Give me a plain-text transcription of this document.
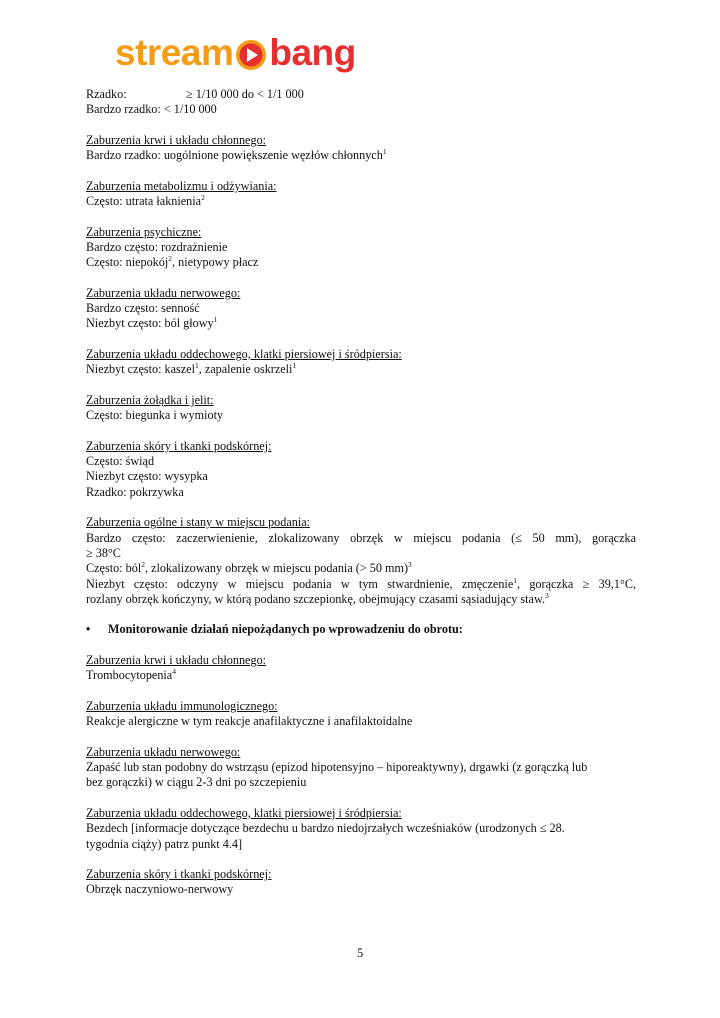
stream bang
Rzadko:	≥ 1/10 000 do < 1/1 000
Bardzo rzadko: < 1/10 000
Zaburzenia krwi i układu chłonnego:
Bardzo rzadko: uogólnione powiększenie węzłów chłonnych$^1$
Zaburzenia metabolizmu i odżywiania:
Często: utrata łaknienia$^2$
Zaburzenia psychiczne:
Bardzo często: rozdrażnienie
Często: niepokój$^2$, nietypowy płacz
Zaburzenia układu nerwowego:
Bardzo często: senność
Niezbyt często: ból głowy$^1$
Zaburzenia układu oddechowego, klatki piersiowej i śródpiersia:
Niezbyt często: kaszel$^1$, zapalenie oskrzeli$^1$
Zaburzenia żołądka i jelit:
Często: biegunka i wymioty
Zaburzenia skóry i tkanki podskórnej:
Często: świąd
Niezbyt często: wysypka
Rzadko: pokrzywka
Zaburzenia ogólne i stany w miejscu podania:
Bardzo często: zaczerwienienie, zlokalizowany obrzęk w miejscu podania (≤ 50 mm), gorączka
≥ 38°C
Często: ból$^2$, zlokalizowany obrzęk w miejscu podania (> 50 mm)$^3$
Niezbyt często: odczyny w miejscu podania w tym stwardnienie, zmęczenie$^1$, gorączka ≥ 39,1°C,
rozlany obrzęk kończyny, w którą podano szczepionkę, obejmujący czasami sąsiadujący staw.$^3$
• Monitorowanie działań niepożądanych po wprowadzeniu do obrotu:
Zaburzenia krwi i układu chłonnego:
Trombocytopenia$^4$
Zaburzenia układu immunologicznego:
Reakcje alergiczne w tym reakcje anafilaktyczne i anafilaktoidalne
Zaburzenia układu nerwowego:
Zapaść lub stan podobny do wstrząsu (epizod hipotensyjno – hiporeaktywny), drgawki (z gorączką lub
bez gorączki) w ciągu 2-3 dni po szczepieniu
Zaburzenia układu oddechowego, klatki piersiowej i śródpiersia:
Bezdech [informacje dotyczące bezdechu u bardzo niedojrzałych wcześniaków (urodzonych ≤ 28.
tygodnia ciąży) patrz punkt 4.4]
Zaburzenia skóry i tkanki podskórnej:
Obrzęk naczyniowo-nerwowy
5
